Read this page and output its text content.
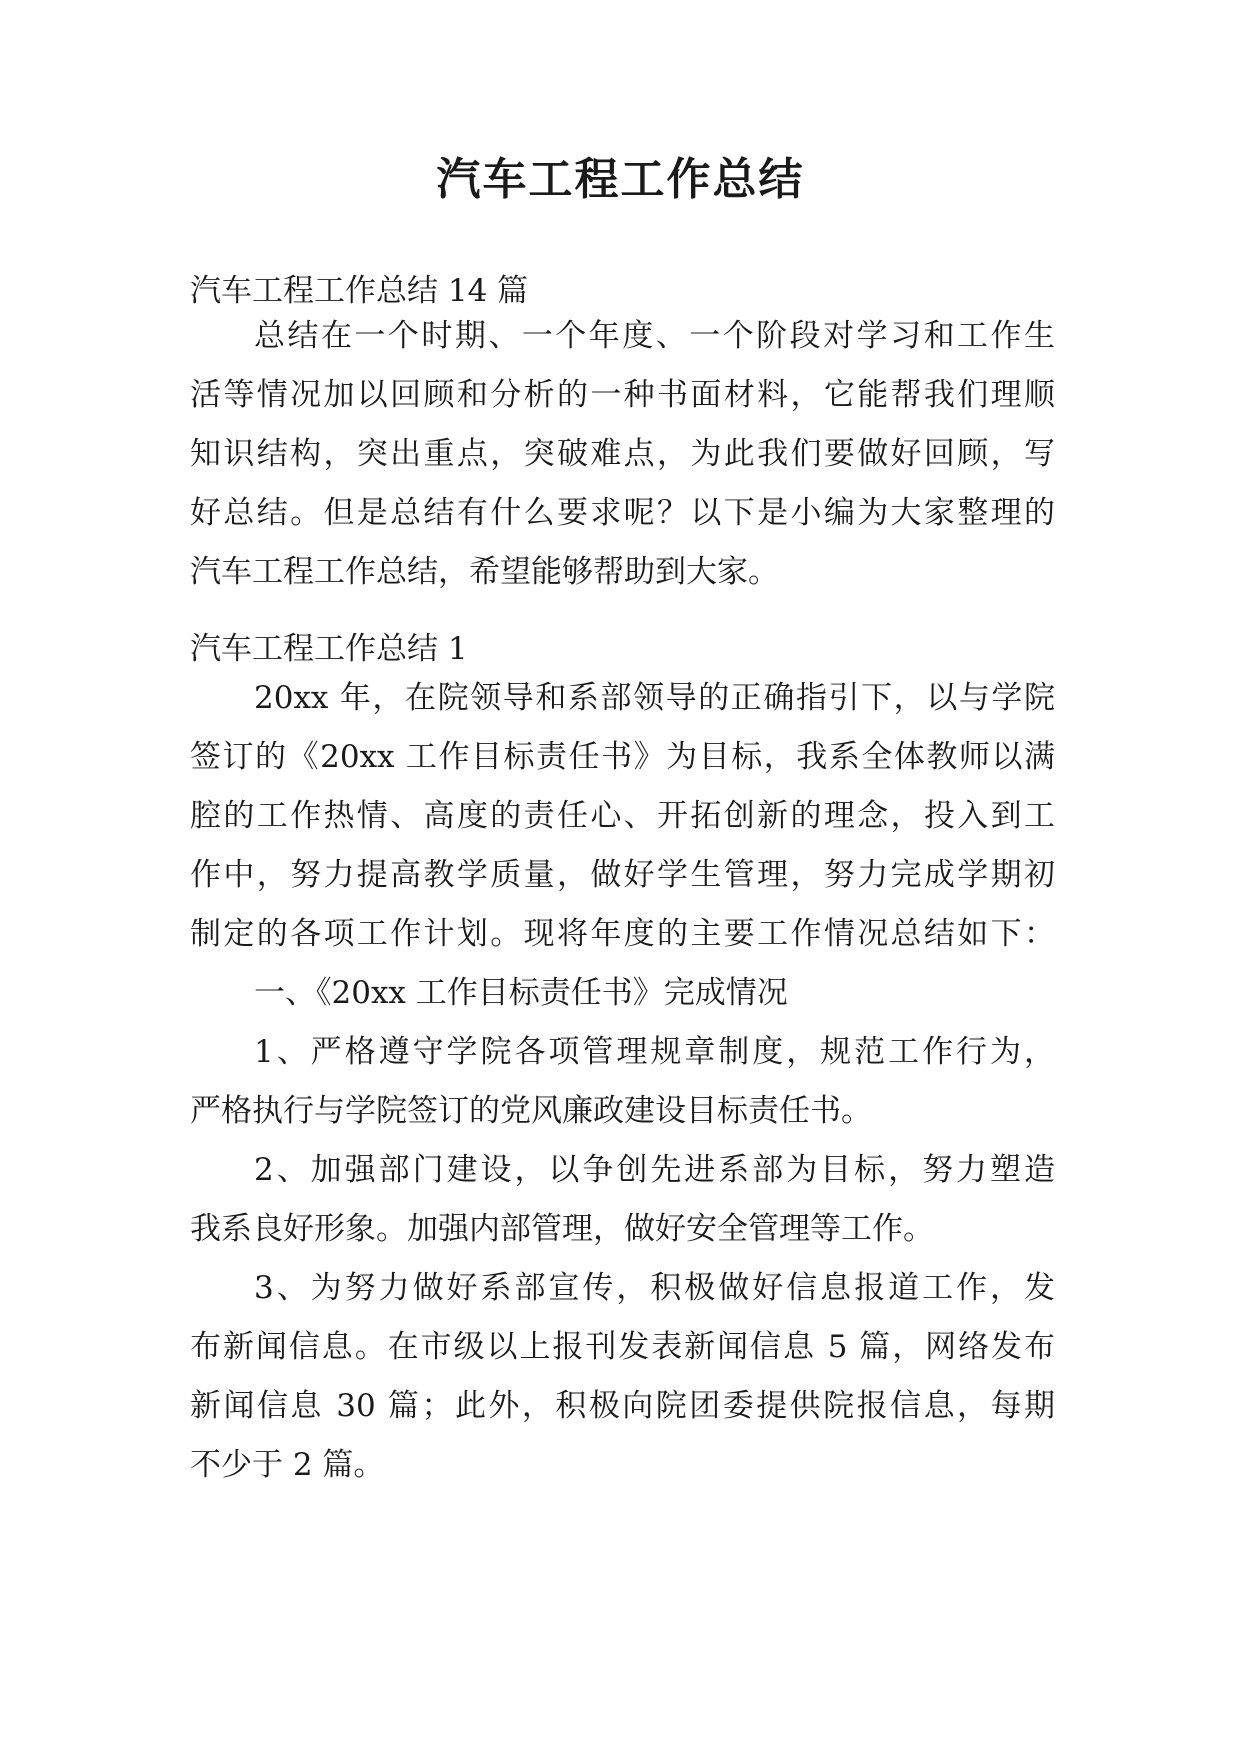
汽车工程工作总结
汽车工程工作总结 14 篇
总结在一个时期、一个年度、一个阶段对学习和工作生
活等情况加以回顾和分析的一种书面材料，它能帮我们理顺
知识结构，突出重点，突破难点，为此我们要做好回顾，写
好总结。但是总结有什么要求呢？以下是小编为大家整理的
汽车工程工作总结，希望能够帮助到大家。
汽车工程工作总结 1
20xx 年，在院领导和系部领导的正确指引下，以与学院
签订的《20xx 工作目标责任书》为目标，我系全体教师以满
腔的工作热情、高度的责任心、开拓创新的理念，投入到工
作中，努力提高教学质量，做好学生管理，努力完成学期初
制定的各项工作计划。现将年度的主要工作情况总结如下：
一、《20xx 工作目标责任书》完成情况
1、严格遵守学院各项管理规章制度，规范工作行为，
严格执行与学院签订的党风廉政建设目标责任书。
2、加强部门建设，以争创先进系部为目标，努力塑造
我系良好形象。加强内部管理，做好安全管理等工作。
3、为努力做好系部宣传，积极做好信息报道工作，发
布新闻信息。在市级以上报刊发表新闻信息 5 篇，网络发布
新闻信息 30 篇；此外，积极向院团委提供院报信息，每期
不少于 2 篇。
